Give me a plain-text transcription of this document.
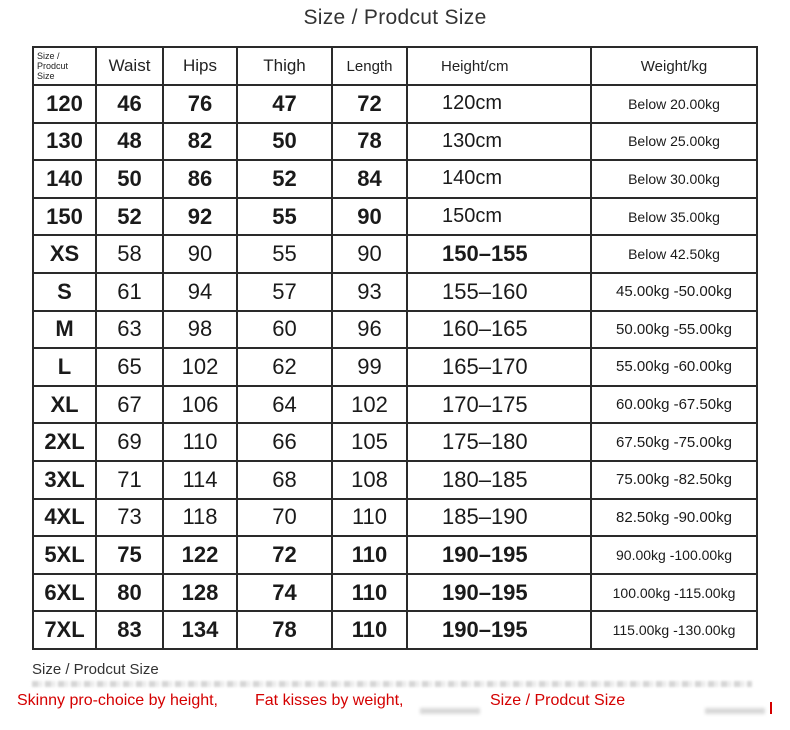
Size / Prodcut Size
Size /
Prodcut
Size	Waist	Hips	Thigh	Length	Height/cm	Weight/kg
120	46	76	47	72	120cm	Below 20.00kg
130	48	82	50	78	130cm	Below 25.00kg
140	50	86	52	84	140cm	Below 30.00kg
150	52	92	55	90	150cm	Below 35.00kg
XS	58	90	55	90	150–155	Below 42.50kg
S	61	94	57	93	155–160	45.00kg -50.00kg
M	63	98	60	96	160–165	50.00kg -55.00kg
L	65	102	62	99	165–170	55.00kg -60.00kg
XL	67	106	64	102	170–175	60.00kg -67.50kg
2XL	69	110	66	105	175–180	67.50kg -75.00kg
3XL	71	114	68	108	180–185	75.00kg -82.50kg
4XL	73	118	70	110	185–190	82.50kg -90.00kg
5XL	75	122	72	110	190–195	90.00kg -100.00kg
6XL	80	128	74	110	190–195	100.00kg -115.00kg
7XL	83	134	78	110	190–195	115.00kg -130.00kg
Size / Prodcut Size
Skinny pro-choice by height, Fat kisses by weight,	Size / Prodcut Size
